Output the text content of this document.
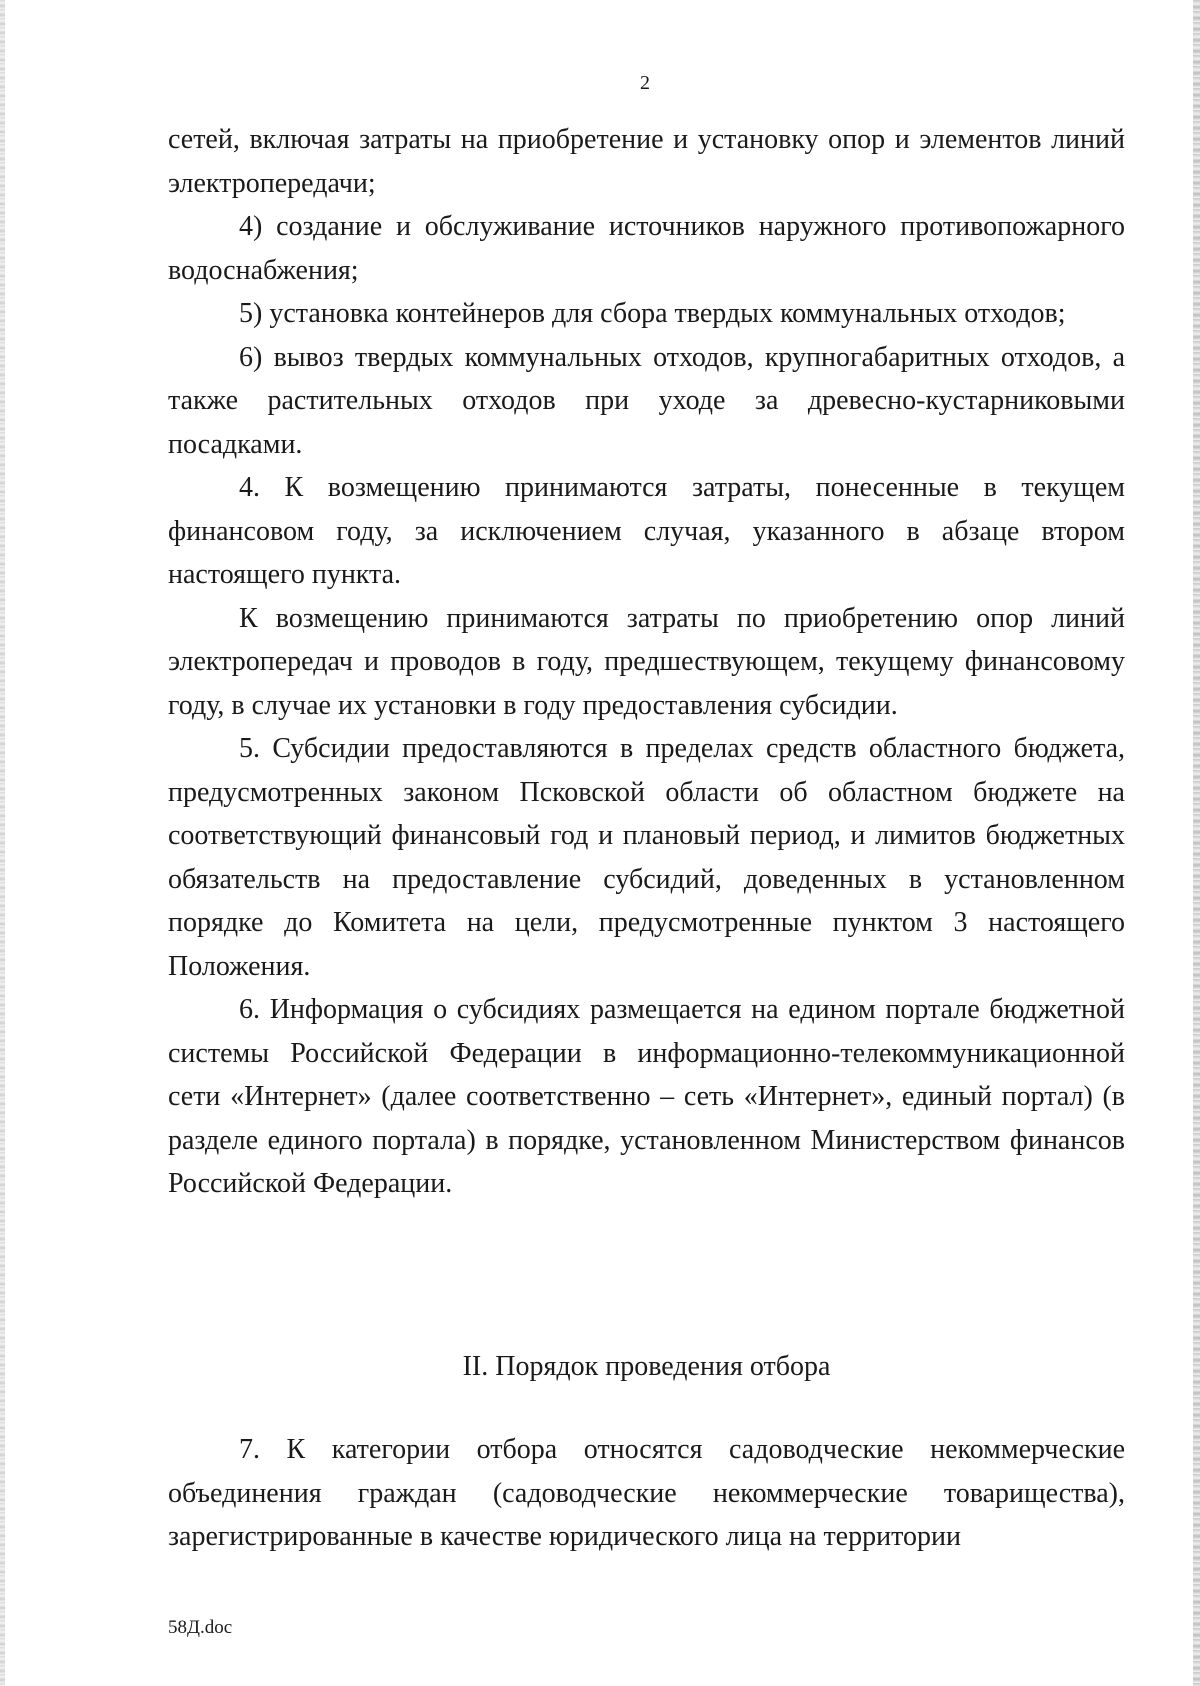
2

сетей, включая затраты на приобретение и установку опор и элементов линий электропередачи;

4) создание и обслуживание источников наружного противопожарного водоснабжения;

5) установка контейнеров для сбора твердых коммунальных отходов;

6) вывоз твердых коммунальных отходов, крупногабаритных отходов, а также растительных отходов при уходе за древесно-кустарниковыми посадками.

4. К возмещению принимаются затраты, понесенные в текущем финансовом году, за исключением случая, указанного в абзаце втором настоящего пункта.

К возмещению принимаются затраты по приобретению опор линий электропередач и проводов в году, предшествующем, текущему финансовому году, в случае их установки в году предоставления субсидии.

5. Субсидии предоставляются в пределах средств областного бюджета, предусмотренных законом Псковской области об областном бюджете на соответствующий финансовый год и плановый период, и лимитов бюджетных обязательств на предоставление субсидий, доведенных в установленном порядке до Комитета на цели, предусмотренные пунктом 3 настоящего Положения.

6. Информация о субсидиях размещается на едином портале бюджетной системы Российской Федерации в информационно-телекоммуникационной сети «Интернет» (далее соответственно – сеть «Интернет», единый портал) (в разделе единого портала) в порядке, установленном Министерством финансов Российской Федерации.

II. Порядок проведения отбора

7. К категории отбора относятся садоводческие некоммерческие объединения граждан (садоводческие некоммерческие товарищества), зарегистрированные в качестве юридического лица на территории

58Д.doc
